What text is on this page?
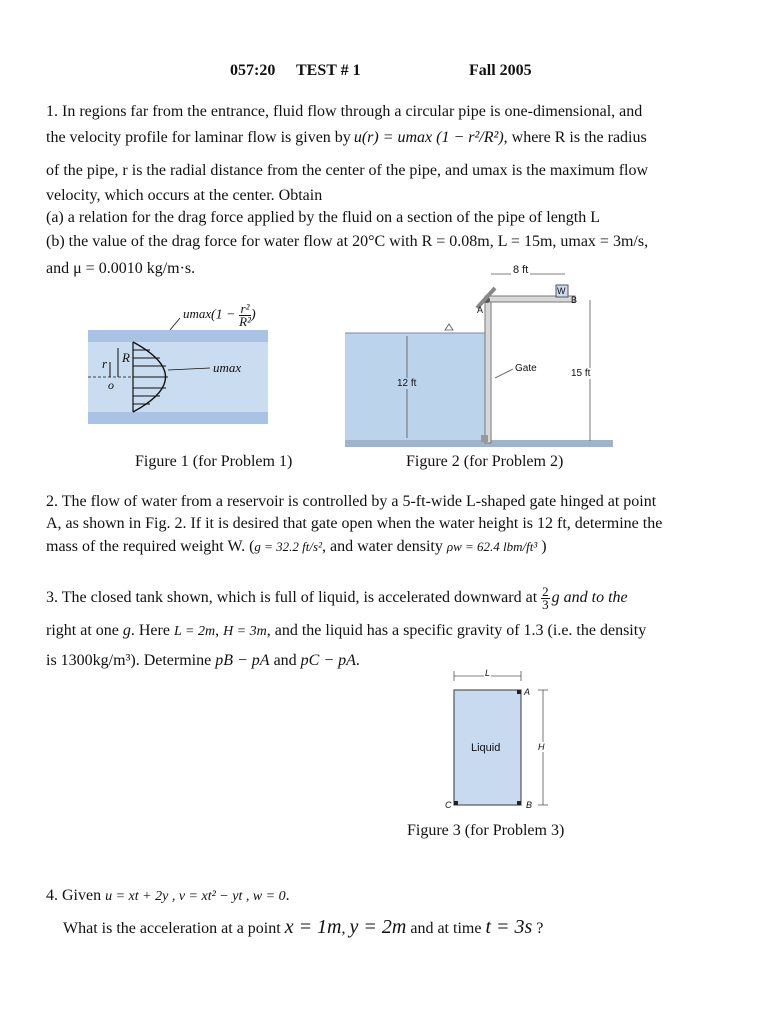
057:20 TEST # 1	Fall 2005
1. In regions far from the entrance, fluid flow through a circular pipe is one-dimensional, and
the velocity profile for laminar flow is given by u(r) = umax (1 − r²/R²), where R is the radius
of the pipe, r is the radial distance from the center of the pipe, and umax is the maximum flow
velocity, which occurs at the center. Obtain
(a) a relation for the drag force applied by the fluid on a section of the pipe of length L
(b) the value of the drag force for water flow at 20°C with R = 0.08m, L = 15m, umax = 3m/s,
and μ = 0.0010 kg/m·s.
umax ($1 - \frac{\text{r²}}{\text{R²}}$ )
r R
o
umax
Figure 1 (for Problem 1)
8 ft
W
A
B
Gate
12 ft
15 ft
Figure 2 (for Problem 2)
2. The flow of water from a reservoir is controlled by a 5-ft-wide L-shaped gate hinged at point
A, as shown in Fig. 2. If it is desired that gate open when the water height is 12 ft, determine the
mass of the required weight W. (g = 32.2 ft/s², and water density ρw = 62.4 lbm/ft³ )
3. The closed tank shown, which is full of liquid, is accelerated downward at $\frac{2}{3}$ g and to the
right at one g. Here L = 2m, H = 3m, and the liquid has a specific gravity of 1.3 (i.e. the density
is 1300kg/m³). Determine pB − pA and pC − pA.
L
A
H
Liquid
C	B
Figure 3 (for Problem 3)
4. Given u = xt + 2y , v = xt² − yt , w = 0.
What is the acceleration at a point x = 1m, y = 2m and at time t = 3s ?
